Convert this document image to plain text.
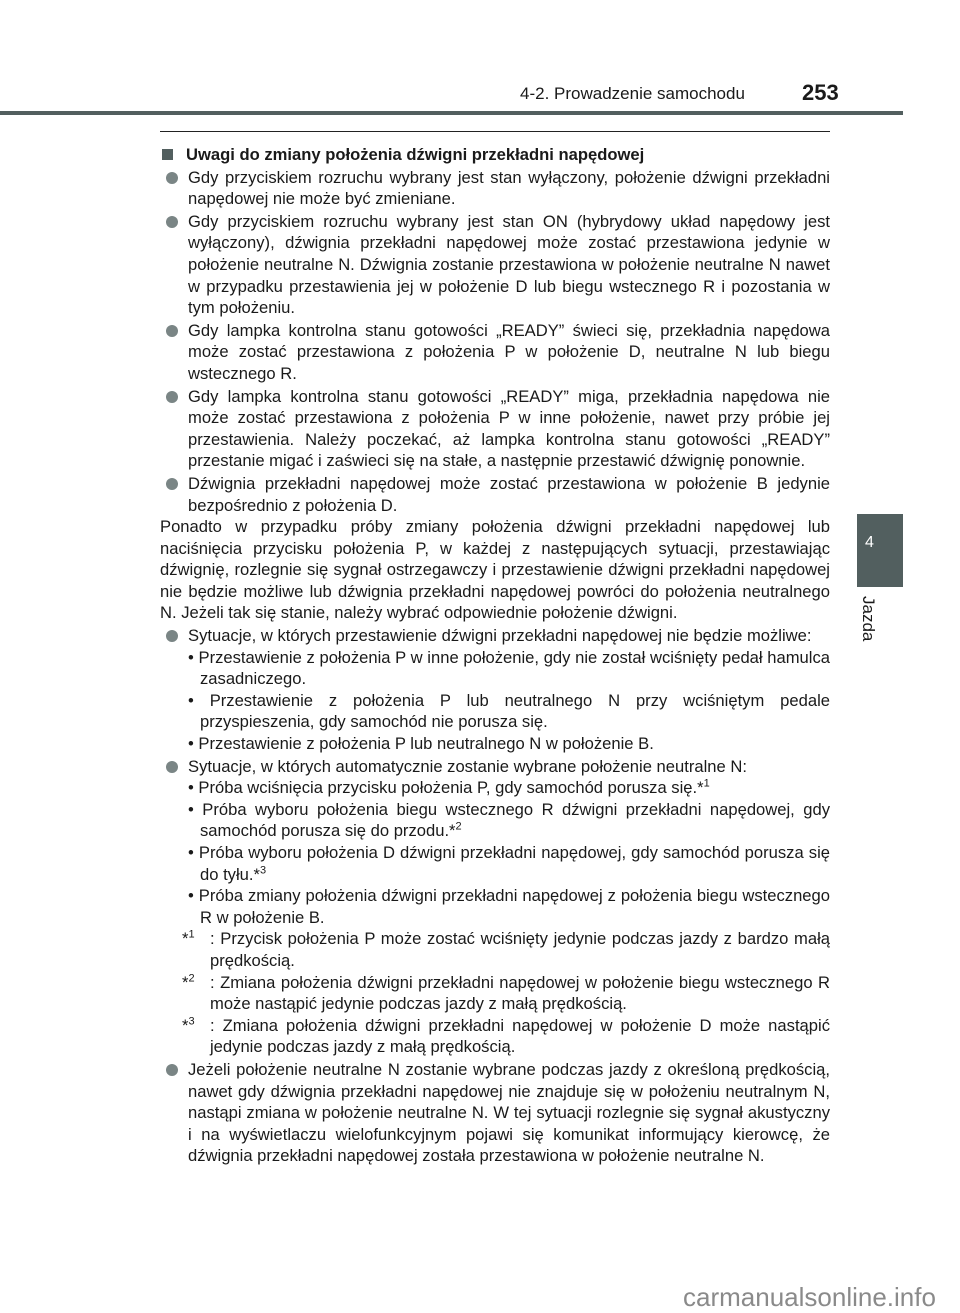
4-2. Prowadzenie samochodu	253
4
Jazda
Uwagi do zmiany położenia dźwigni przekładni napędowej
Gdy przyciskiem rozruchu wybrany jest stan wyłączony, położenie dźwigni przekładni napędowej nie może być zmieniane.
Gdy przyciskiem rozruchu wybrany jest stan ON (hybrydowy układ napędowy jest wyłączony), dźwignia przekładni napędowej może zostać przestawiona jedynie w położenie neutralne N. Dźwignia zostanie przestawiona w położenie neutralne N nawet w przypadku przestawienia jej w położenie D lub biegu wstecznego R i pozostania w tym położeniu.
Gdy lampka kontrolna stanu gotowości „READY” świeci się, przekładnia napędowa może zostać przestawiona z położenia P w położenie D, neutralne N lub biegu wstecznego R.
Gdy lampka kontrolna stanu gotowości „READY” miga, przekładnia napędowa nie może zostać przestawiona z położenia P w inne położenie, nawet przy próbie jej przestawienia. Należy poczekać, aż lampka kontrolna stanu gotowości „READY” przestanie migać i zaświeci się na stałe, a następnie przestawić dźwignię ponownie.
Dźwignia przekładni napędowej może zostać przestawiona w położenie B jedynie bezpośrednio z położenia D.
Ponadto w przypadku próby zmiany położenia dźwigni przekładni napędowej lub naciśnięcia przycisku położenia P, w każdej z następujących sytuacji, przestawiając dźwignię, rozlegnie się sygnał ostrzegawczy i przestawienie dźwigni przekładni napędowej nie będzie możliwe lub dźwignia przekładni napędowej powróci do położenia neutralnego N. Jeżeli tak się stanie, należy wybrać odpowiednie położenie dźwigni.
Sytuacje, w których przestawienie dźwigni przekładni napędowej nie będzie możliwe:
• Przestawienie z położenia P w inne położenie, gdy nie został wciśnięty pedał hamulca zasadniczego.
• Przestawienie z położenia P lub neutralnego N przy wciśniętym pedale przyspieszenia, gdy samochód nie porusza się.
• Przestawienie z położenia P lub neutralnego N w położenie B.
Sytuacje, w których automatycznie zostanie wybrane położenie neutralne N:
• Próba wciśnięcia przycisku położenia P, gdy samochód porusza się.*$^1$
• Próba wyboru położenia biegu wstecznego R dźwigni przekładni napędowej, gdy samochód porusza się do przodu.*$^2$
• Próba wyboru położenia D dźwigni przekładni napędowej, gdy samochód porusza się do tyłu.*$^3$
• Próba zmiany położenia dźwigni przekładni napędowej z położenia biegu wstecznego R w położenie B.
*$^1$ : Przycisk położenia P może zostać wciśnięty jedynie podczas jazdy z bardzo małą prędkością.
*$^2$ : Zmiana położenia dźwigni przekładni napędowej w położenie biegu wstecznego R może nastąpić jedynie podczas jazdy z małą prędkością.
*$^3$ : Zmiana położenia dźwigni przekładni napędowej w położenie D może nastąpić jedynie podczas jazdy z małą prędkością.
Jeżeli położenie neutralne N zostanie wybrane podczas jazdy z określoną prędkością, nawet gdy dźwignia przekładni napędowej nie znajduje się w położeniu neutralnym N, nastąpi zmiana w położenie neutralne N. W tej sytuacji rozlegnie się sygnał akustyczny i na wyświetlaczu wielofunkcyjnym pojawi się komunikat informujący kierowcę, że dźwignia przekładni napędowej została przestawiona w położenie neutralne N.
carmanualsonline.info
